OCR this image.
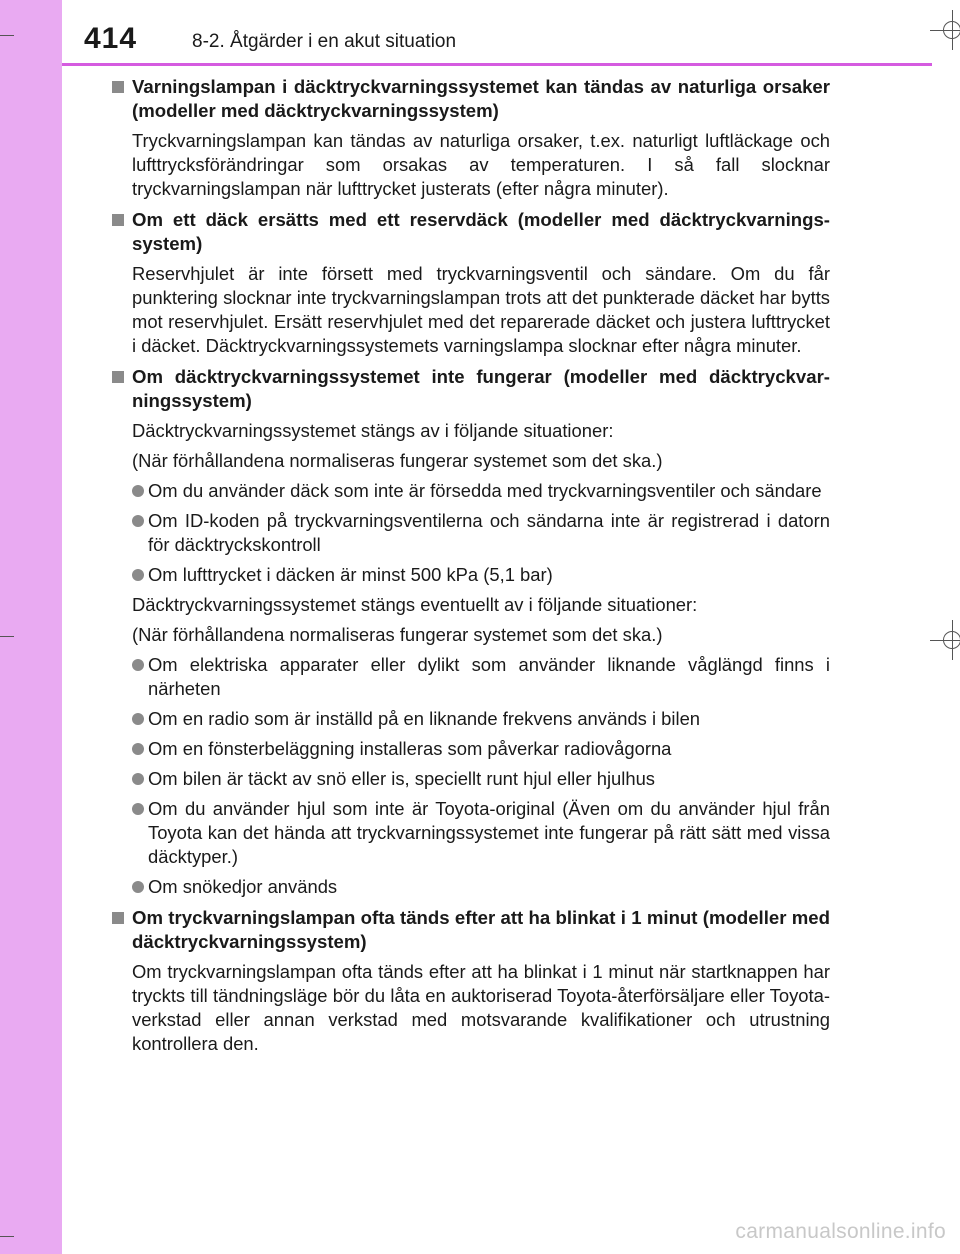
414	8-2. Åtgärder i en akut situation
Varningslampan i däcktryckvarningssystemet kan tändas av naturliga orsaker (modeller med däcktryckvarningssystem)
Tryckvarningslampan kan tändas av naturliga orsaker, t.ex. naturligt luftläckage och lufttrycksförändringar som orsakas av temperaturen. I så fall slocknar tryckvarningslampan när lufttrycket justerats (efter några minuter).
Om ett däck ersätts med ett reservdäck (modeller med däcktryckvarnings-system)
Reservhjulet är inte försett med tryckvarningsventil och sändare. Om du får punktering slocknar inte tryckvarningslampan trots att det punkterade däcket har bytts mot reservhjulet. Ersätt reservhjulet med det reparerade däcket och justera lufttrycket i däcket. Däcktryckvarningssystemets varningslampa slocknar efter några minuter.
Om däcktryckvarningssystemet inte fungerar (modeller med däcktryckvar-ningssystem)
Däcktryckvarningssystemet stängs av i följande situationer:
(När förhållandena normaliseras fungerar systemet som det ska.)
Om du använder däck som inte är försedda med tryckvarningsventiler och sändare
Om ID-koden på tryckvarningsventilerna och sändarna inte är registrerad i datorn för däcktryckskontroll
Om lufttrycket i däcken är minst 500 kPa (5,1 bar)
Däcktryckvarningssystemet stängs eventuellt av i följande situationer:
(När förhållandena normaliseras fungerar systemet som det ska.)
Om elektriska apparater eller dylikt som använder liknande våglängd finns i närheten
Om en radio som är inställd på en liknande frekvens används i bilen
Om en fönsterbeläggning installeras som påverkar radiovågorna
Om bilen är täckt av snö eller is, speciellt runt hjul eller hjulhus
Om du använder hjul som inte är Toyota-original (Även om du använder hjul från Toyota kan det hända att tryckvarningssystemet inte fungerar på rätt sätt med vissa däcktyper.)
Om snökedjor används
Om tryckvarningslampan ofta tänds efter att ha blinkat i 1 minut (modeller med däcktryckvarningssystem)
Om tryckvarningslampan ofta tänds efter att ha blinkat i 1 minut när startknappen har tryckts till tändningsläge bör du låta en auktoriserad Toyota-återförsäljare eller Toyota-verkstad eller annan verkstad med motsvarande kvalifikationer och utrustning kontrollera den.
carmanualsonline.info
